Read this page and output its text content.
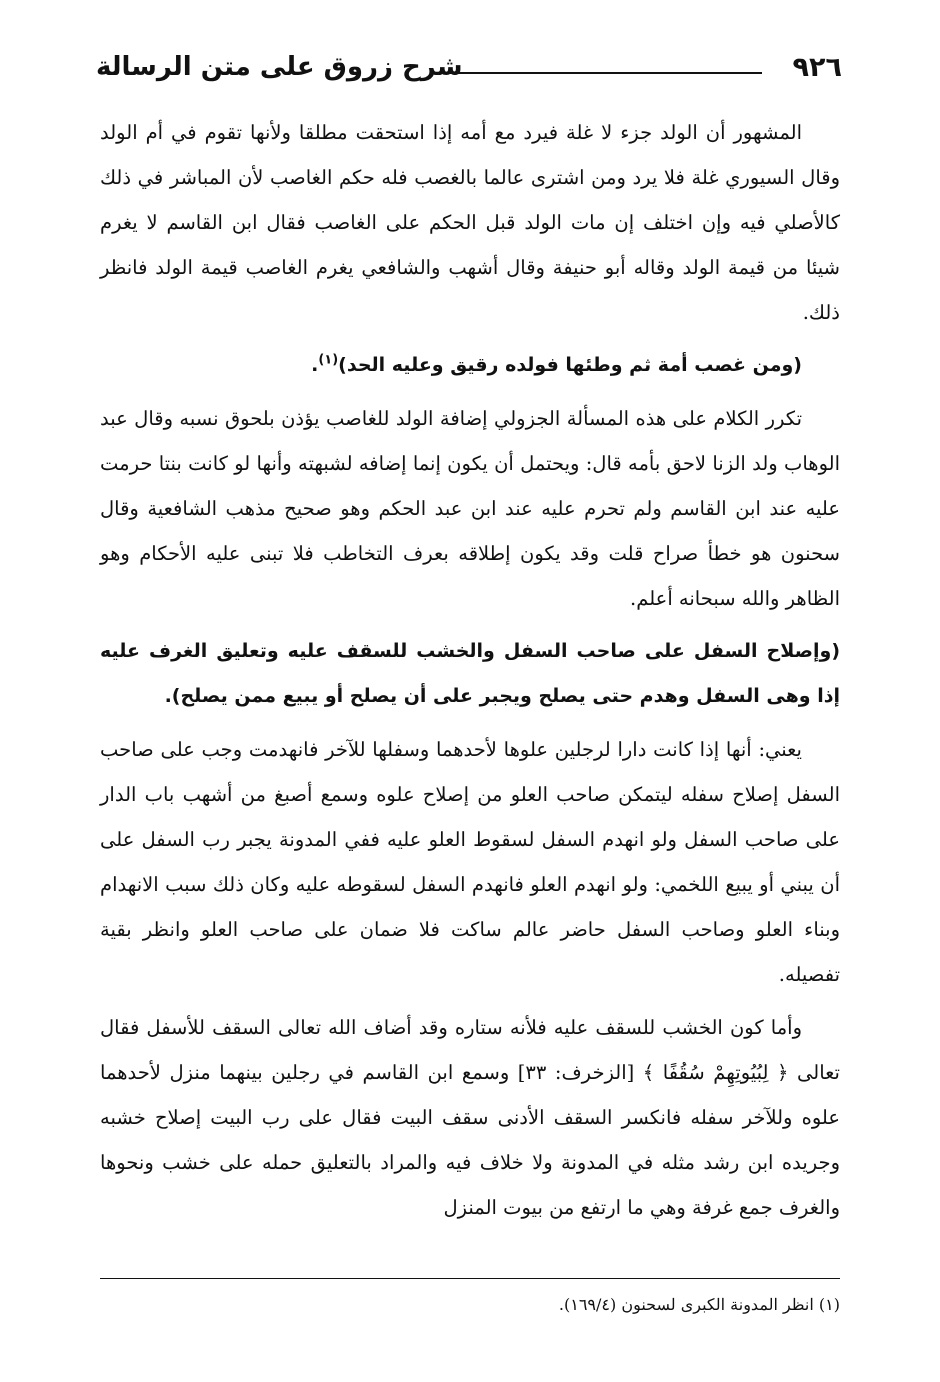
٩٢٦
شرح زروق على متن الرسالة

المشهور أن الولد جزء لا غلة فيرد مع أمه إذا استحقت مطلقا ولأنها تقوم في أم الولد وقال السيوري غلة فلا يرد ومن اشترى عالما بالغصب فله حكم الغاصب لأن المباشر في ذلك كالأصلي فيه وإن اختلف إن مات الولد قبل الحكم على الغاصب فقال ابن القاسم لا يغرم شيئا من قيمة الولد وقاله أبو حنيفة وقال أشهب والشافعي يغرم الغاصب قيمة الولد فانظر ذلك.

(ومن غصب أمة ثم وطئها فولده رقيق وعليه الحد)$^{(١)}$.

تكرر الكلام على هذه المسألة الجزولي إضافة الولد للغاصب يؤذن بلحوق نسبه وقال عبد الوهاب ولد الزنا لاحق بأمه قال: ويحتمل أن يكون إنما إضافه لشبهته وأنها لو كانت بنتا حرمت عليه عند ابن القاسم ولم تحرم عليه عند ابن عبد الحكم وهو صحيح مذهب الشافعية وقال سحنون هو خطأ صراح قلت وقد يكون إطلاقه بعرف التخاطب فلا تبنى عليه الأحكام وهو الظاهر والله سبحانه أعلم.

(وإصلاح السفل على صاحب السفل والخشب للسقف عليه وتعليق الغرف عليه إذا وهى السفل وهدم حتى يصلح ويجبر على أن يصلح أو يبيع ممن يصلح).

يعني: أنها إذا كانت دارا لرجلين علوها لأحدهما وسفلها للآخر فانهدمت وجب على صاحب السفل إصلاح سفله ليتمكن صاحب العلو من إصلاح علوه وسمع أصبغ من أشهب باب الدار على صاحب السفل ولو انهدم السفل لسقوط العلو عليه ففي المدونة يجبر رب السفل على أن يبني أو يبيع اللخمي: ولو انهدم العلو فانهدم السفل لسقوطه عليه وكان ذلك سبب الانهدام وبناء العلو وصاحب السفل حاضر عالم ساكت فلا ضمان على صاحب العلو وانظر بقية تفصيله.

وأما كون الخشب للسقف عليه فلأنه ستاره وقد أضاف الله تعالى السقف للأسفل فقال تعالى ﴿ لِبُيُوتِهِمْ سُقُفًا ﴾ [الزخرف: ٣٣] وسمع ابن القاسم في رجلين بينهما منزل لأحدهما علوه وللآخر سفله فانكسر السقف الأدنى سقف البيت فقال على رب البيت إصلاح خشبه وجريده ابن رشد مثله في المدونة ولا خلاف فيه والمراد بالتعليق حمله على خشب ونحوها والغرف جمع غرفة وهي ما ارتفع من بيوت المنزل

(١) انظر المدونة الكبرى لسحنون (١٦٩/٤).
